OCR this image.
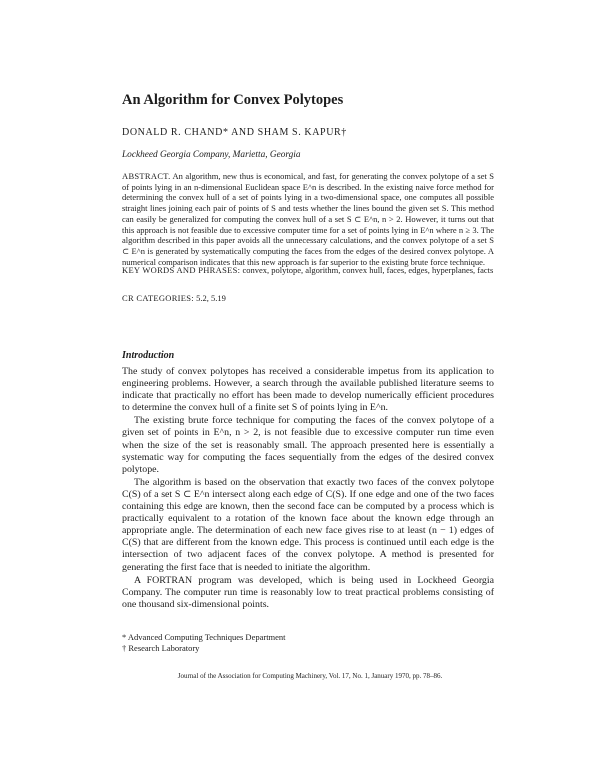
An Algorithm for Convex Polytopes

DONALD R. CHAND* AND SHAM S. KAPUR†

Lockheed Georgia Company, Marietta, Georgia

ABSTRACT. An algorithm, new thus is economical, and fast, for generating the convex polytope of a set S of points lying in an n-dimensional Euclidean space E^n is described. In the existing naive force method for determining the convex hull of a set of points lying in a two-dimensional space, one computes all possible straight lines joining each pair of points of S and tests whether the lines bound the given set S. This method can easily be generalized for computing the convex hull of a set S ⊂ E^n, n > 2. However, it turns out that this approach is not feasible due to excessive computer time for a set of points lying in E^n where n ≥ 3. The algorithm described in this paper avoids all the unnecessary calculations, and the convex polytope of a set S ⊂ E^n is generated by systematically computing the faces from the edges of the desired convex polytope. A numerical comparison indicates that this new approach is far superior to the existing brute force technique.

KEY WORDS AND PHRASES: convex, polytope, algorithm, convex hull, faces, edges, hyperplanes, facts

CR CATEGORIES: 5.2, 5.19

Introduction

The study of convex polytopes has received a considerable impetus from its application to engineering problems. However, a search through the available published literature seems to indicate that practically no effort has been made to develop numerically efficient procedures to determine the convex hull of a finite set S of points lying in E^n.

The existing brute force technique for computing the faces of the convex polytope of a given set of points in E^n, n > 2, is not feasible due to excessive computer run time even when the size of the set is reasonably small. The approach presented here is essentially a systematic way for computing the faces sequentially from the edges of the desired convex polytope.

The algorithm is based on the observation that exactly two faces of the convex polytope C(S) of a set S ⊂ E^n intersect along each edge of C(S). If one edge and one of the two faces containing this edge are known, then the second face can be computed by a process which is practically equivalent to a rotation of the known face about the known edge through an appropriate angle. The determination of each new face gives rise to at least (n − 1) edges of C(S) that are different from the known edge. This process is continued until each edge is the intersection of two adjacent faces of the convex polytope. A method is presented for generating the first face that is needed to initiate the algorithm.

A FORTRAN program was developed, which is being used in Lockheed Georgia Company. The computer run time is reasonably low to treat practical problems consisting of one thousand six-dimensional points.

* Advanced Computing Techniques Department
† Research Laboratory

Journal of the Association for Computing Machinery, Vol. 17, No. 1, January 1970, pp. 78–86.
